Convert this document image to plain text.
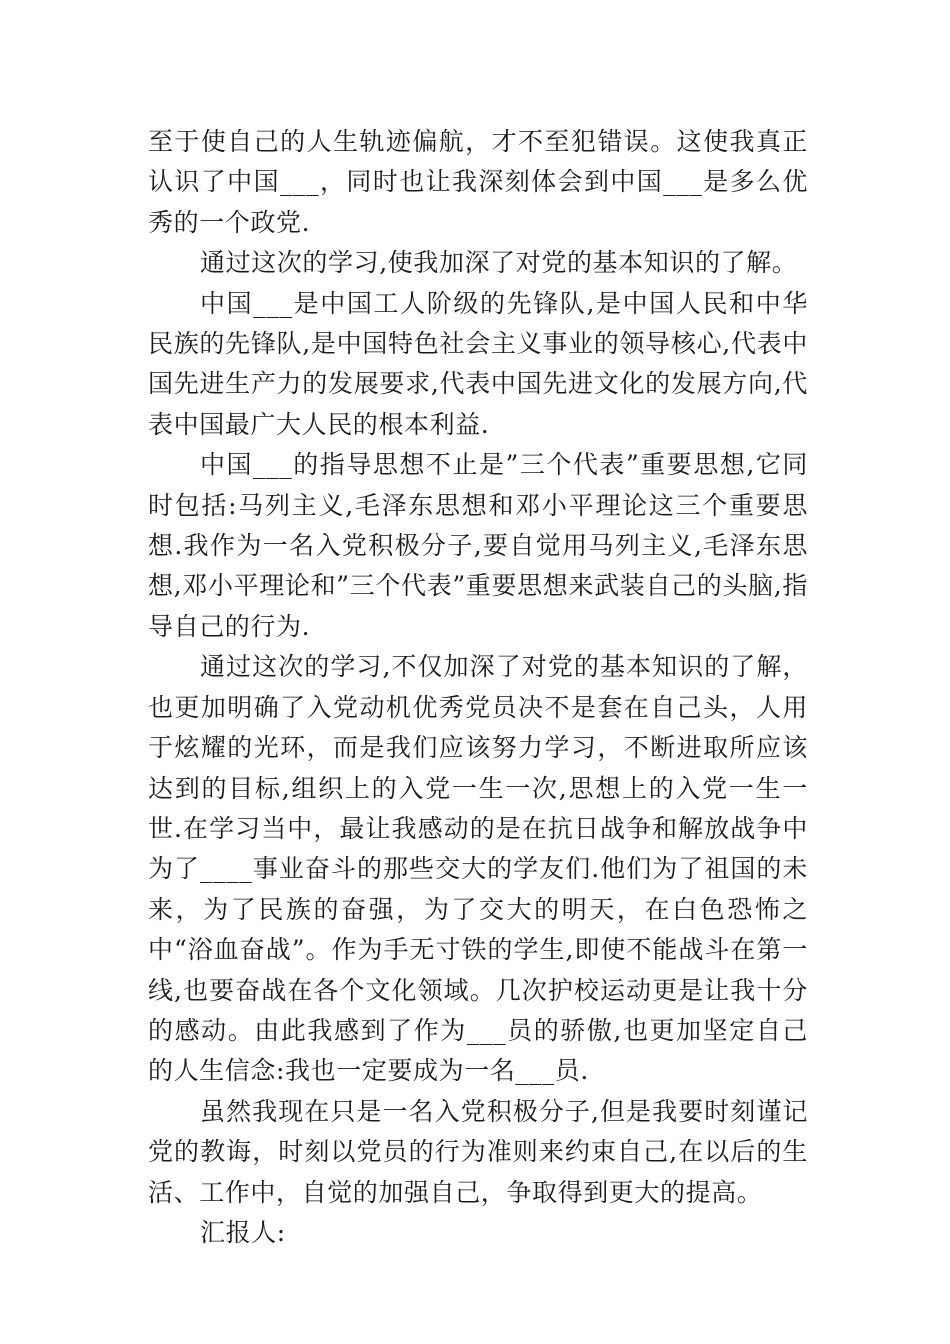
至于使自己的人生轨迹偏航，才不至犯错误。这使我真正认识了中国___，同时也让我深刻体会到中国___是多么优秀的一个政党.

通过这次的学习,使我加深了对党的基本知识的了解。

中国___是中国工人阶级的先锋队,是中国人民和中华民族的先锋队,是中国特色社会主义事业的领导核心,代表中国先进生产力的发展要求,代表中国先进文化的发展方向,代表中国最广大人民的根本利益.

中国___的指导思想不止是”三个代表”重要思想,它同时包括:马列主义,毛泽东思想和邓小平理论这三个重要思想.我作为一名入党积极分子,要自觉用马列主义,毛泽东思想,邓小平理论和”三个代表”重要思想来武装自己的头脑,指导自己的行为.

通过这次的学习,不仅加深了对党的基本知识的了解，也更加明确了入党动机优秀党员决不是套在自己头，人用于炫耀的光环，而是我们应该努力学习，不断进取所应该达到的目标,组织上的入党一生一次,思想上的入党一生一世.在学习当中，最让我感动的是在抗日战争和解放战争中为了____事业奋斗的那些交大的学友们.他们为了祖国的未来，为了民族的奋强，为了交大的明天，在白色恐怖之中“浴血奋战”。作为手无寸铁的学生,即使不能战斗在第一线,也要奋战在各个文化领域。几次护校运动更是让我十分的感动。由此我感到了作为___员的骄傲,也更加坚定自己的人生信念:我也一定要成为一名___员.

虽然我现在只是一名入党积极分子,但是我要时刻谨记党的教诲，时刻以党员的行为准则来约束自己,在以后的生活、工作中，自觉的加强自己，争取得到更大的提高。

汇报人:
